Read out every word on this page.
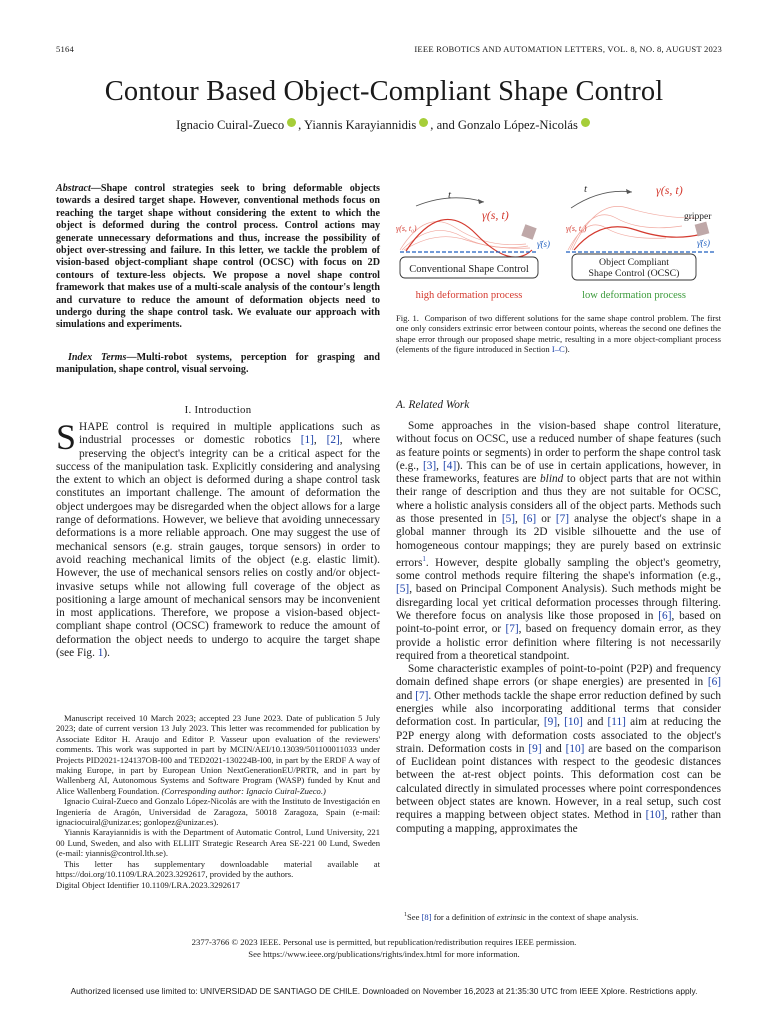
5164	IEEE ROBOTICS AND AUTOMATION LETTERS, VOL. 8, NO. 8, AUGUST 2023
Contour Based Object-Compliant Shape Control
Ignacio Cuiral-Zueco , Yiannis Karayiannidis , and Gonzalo López-Nicolás
Abstract—Shape control strategies seek to bring deformable objects towards a desired target shape. However, conventional methods focus on reaching the target shape without considering the extent to which the object is deformed during the control process. Control actions may generate unnecessary deformations and thus, increase the possibility of object over-stressing and failure. In this letter, we tackle the problem of vision-based object-compliant shape control (OCSC) with focus on 2D contours of texture-less objects. We propose a novel shape control framework that makes use of a multi-scale analysis of the contour's length and curvature to reduce the amount of deformation objects need to undergo during the shape control task. We evaluate our approach with simulations and experiments.
Index Terms—Multi-robot systems, perception for grasping and manipulation, shape control, visual servoing.
I. Introduction
SHAPE control is required in multiple applications such as industrial processes or domestic robotics [1], [2], where preserving the object's integrity can be a critical aspect for the success of the manipulation task. Explicitly considering and analysing the extent to which an object is deformed during a shape control task constitutes an important challenge. The amount of deformation the object undergoes may be disregarded when the object allows for a large range of deformations. However, we believe that avoiding unnecessary deformations is a more reliable approach. One may suggest the use of mechanical sensors (e.g. strain gauges, torque sensors) in order to avoid reaching mechanical limits of the object (e.g. elastic limit). However, the use of mechanical sensors relies on costly and/or object-invasive setups while not allowing full coverage of the object as positioning a large amount of mechanical sensors may be inconvenient in most applications. Therefore, we propose a vision-based object-compliant shape control (OCSC) framework to reduce the amount of deformation the object needs to undergo to acquire the target shape (see Fig. 1).

Manuscript received 10 March 2023; accepted 23 June 2023. Date of publication 5 July 2023; date of current version 13 July 2023. This letter was recommended for publication by Associate Editor H. Araujo and Editor P. Vasseur upon evaluation of the reviewers' comments. This work was supported in part by MCIN/AEI/10.13039/501100011033 under Projects PID2021-124137OB-I00 and TED2021-130224B-I00, in part by the ERDF A way of making Europe, in part by European Union NextGenerationEU/PRTR, and in part by Wallenberg AI, Autonomous Systems and Software Program (WASP) funded by Knut and Alice Wallenberg Foundation. (Corresponding author: Ignacio Cuiral-Zueco.)

Ignacio Cuiral-Zueco and Gonzalo López-Nicolás are with the Instituto de Investigación en Ingeniería de Aragón, Universidad de Zaragoza, 50018 Zaragoza, Spain (e-mail: ignaciocuiral@unizar.es; gonlopez@unizar.es).

Yiannis Karayiannidis is with the Department of Automatic Control, Lund University, 221 00 Lund, Sweden, and also with ELLIIT Strategic Research Area SE-221 00 Lund, Sweden (e-mail: yiannis@control.lth.se).

This letter has supplementary downloadable material available at https://doi.org/10.1109/LRA.2023.3292617, provided by the authors.

Digital Object Identifier 10.1109/LRA.2023.3292617

t
γ(s, t)
γ(s, t₀)
γ̄(s)
Conventional Shape Control
high deformation process
t	γ(s, t)
γ(s, t₀)
γ̄(s)
gripper
Object Compliant
Shape Control (OCSC)
low deformation process
Fig. 1. Comparison of two different solutions for the same shape control problem. The first one only considers extrinsic error between contour points, whereas the second one defines the shape error through our proposed shape metric, resulting in a more object-compliant process (elements of the figure introduced in Section I–C).
A. Related Work

Some approaches in the vision-based shape control literature, without focus on OCSC, use a reduced number of shape features (such as feature points or segments) in order to perform the shape control task (e.g., [3], [4]). This can be of use in certain applications, however, in these frameworks, features are blind to object parts that are not within their range of description and thus they are not suitable for OCSC, where a holistic analysis considers all of the object parts. Methods such as those presented in [5], [6] or [7] analyse the object's shape in a global manner through its 2D visible silhouette and the use of homogeneous contour mappings; they are purely based on extrinsic errors$^1$. However, despite globally sampling the object's geometry, some control methods require filtering the shape's information (e.g., [5], based on Principal Component Analysis). Such methods might be disregarding local yet critical deformation processes through filtering. We therefore focus on analysis like those proposed in [6], based on point-to-point error, or [7], based on frequency domain error, as they provide a holistic error definition where filtering is not necessarily required from a theoretical standpoint.

Some characteristic examples of point-to-point (P2P) and frequency domain defined shape errors (or shape energies) are presented in [6] and [7]. Other methods tackle the shape error reduction defined by such energies while also incorporating additional terms that consider deformation cost. In particular, [9], [10] and [11] aim at reducing the P2P energy along with deformation costs associated to the object's strain. Deformation costs in [9] and [10] are based on the comparison of Euclidean point distances with respect to the geodesic distances between the at-rest object points. This deformation cost can be calculated directly in simulated processes where point correspondences between object states are known. However, in a real setup, such cost requires a mapping between object states. Method in [10], rather than computing a mapping, approximates the

$^1$See [8] for a definition of extrinsic in the context of shape analysis.
2377-3766 © 2023 IEEE. Personal use is permitted, but republication/redistribution requires IEEE permission.
See https://www.ieee.org/publications/rights/index.html for more information.
Authorized licensed use limited to: UNIVERSIDAD DE SANTIAGO DE CHILE. Downloaded on November 16,2023 at 21:35:30 UTC from IEEE Xplore. Restrictions apply.
